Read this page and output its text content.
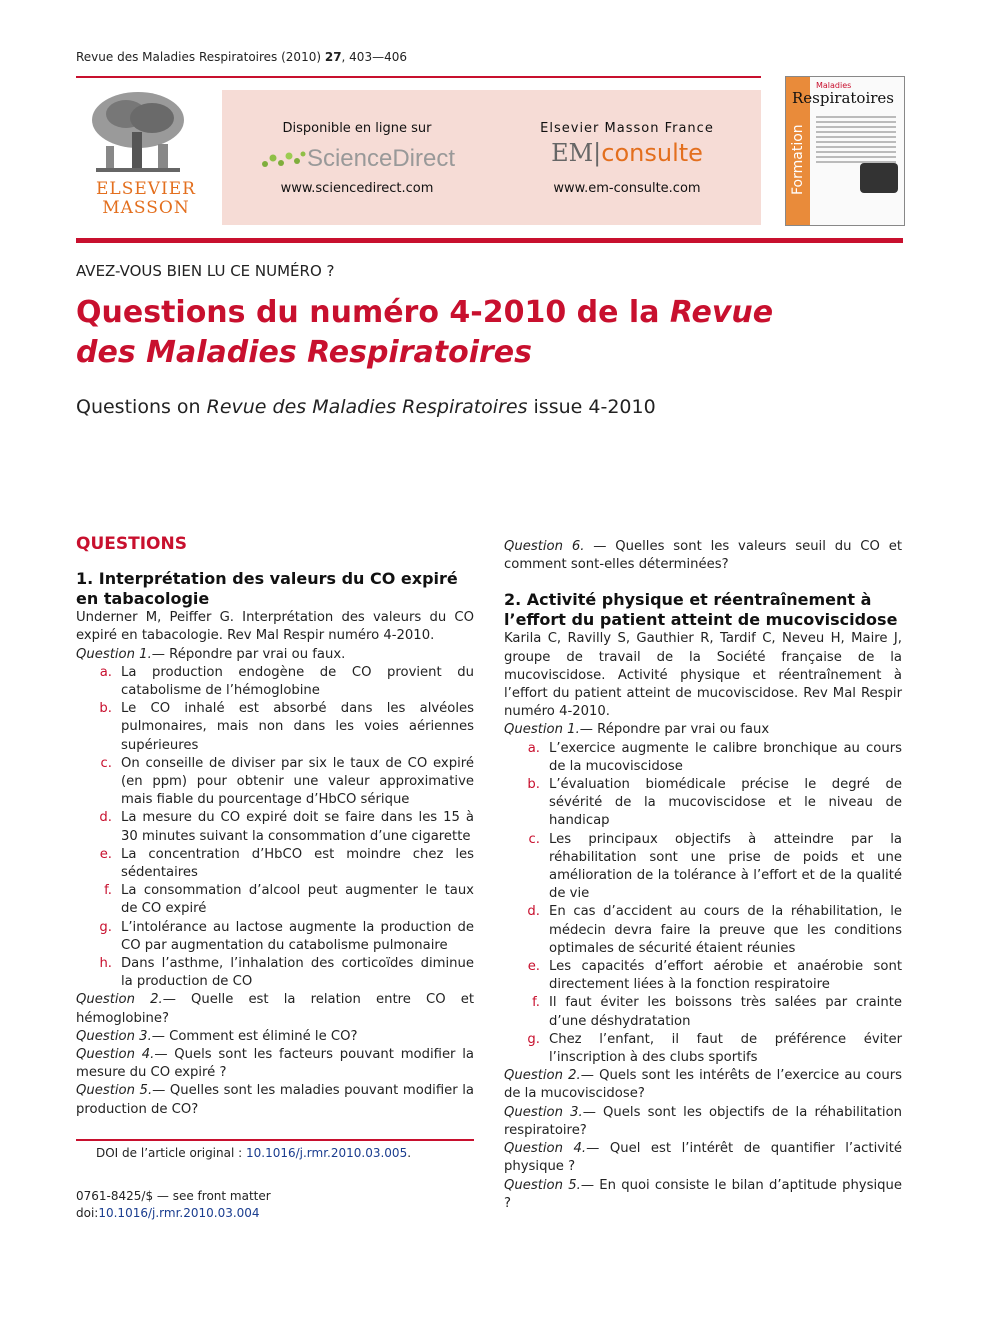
Revue des Maladies Respiratoires (2010) 27, 403—406
ELSEVIER
MASSON
Disponible en ligne sur
ScienceDirect
www.sciencedirect.com
Elsevier Masson France
EM|consulte
www.em-consulte.com	Formation
Maladies
Respiratoires
AVEZ-VOUS BIEN LU CE NUMÉRO ?
Questions du numéro 4-2010 de la Revue des Maladies Respiratoires
Questions on Revue des Maladies Respiratoires issue 4-2010
QUESTIONS
1. Interprétation des valeurs du CO expiré en tabacologie
Underner M, Peiffer G. Interprétation des valeurs du CO expiré en tabacologie. Rev Mal Respir numéro 4-2010.
Question 1.— Répondre par vrai ou faux.
a. La production endogène de CO provient du catabolisme de l’hémoglobine
b. Le CO inhalé est absorbé dans les alvéoles pulmonaires, mais non dans les voies aériennes supérieures
c. On conseille de diviser par six le taux de CO expiré (en ppm) pour obtenir une valeur approximative mais fiable du pourcentage d’HbCO sérique
d. La mesure du CO expiré doit se faire dans les 15 à 30 minutes suivant la consommation d’une cigarette
e. La concentration d’HbCO est moindre chez les sédentaires
f. La consommation d’alcool peut augmenter le taux de CO expiré
g. L’intolérance au lactose augmente la production de CO par augmentation du catabolisme pulmonaire
h. Dans l’asthme, l’inhalation des corticoïdes diminue la production de CO
Question 2.— Quelle est la relation entre CO et hémoglobine?
Question 3.— Comment est éliminé le CO?
Question 4.— Quels sont les facteurs pouvant modifier la mesure du CO expiré ?
Question 5.— Quelles sont les maladies pouvant modifier la production de CO?
Question 6. — Quelles sont les valeurs seuil du CO et comment sont-elles déterminées?
2. Activité physique et réentraînement à l’effort du patient atteint de mucoviscidose
Karila C, Ravilly S, Gauthier R, Tardif C, Neveu H, Maire J, groupe de travail de la Société française de la mucoviscidose. Activité physique et réentraînement à l’effort du patient atteint de mucoviscidose. Rev Mal Respir numéro 4-2010.
Question 1.— Répondre par vrai ou faux
a. L’exercice augmente le calibre bronchique au cours de la mucoviscidose
b. L’évaluation biomédicale précise le degré de sévérité de la mucoviscidose et le niveau de handicap
c. Les principaux objectifs à atteindre par la réhabilitation sont une prise de poids et une amélioration de la tolérance à l’effort et de la qualité de vie
d. En cas d’accident au cours de la réhabilitation, le médecin devra faire la preuve que les conditions optimales de sécurité étaient réunies
e. Les capacités d’effort aérobie et anaérobie sont directement liées à la fonction respiratoire
f. Il faut éviter les boissons très salées par crainte d’une déshydratation
g. Chez l’enfant, il faut de préférence éviter l’inscription à des clubs sportifs
Question 2.— Quels sont les intérêts de l’exercice au cours de la mucoviscidose?
Question 3.— Quels sont les objectifs de la réhabilitation respiratoire?
Question 4.— Quel est l’intérêt de quantifier l’activité physique ?
Question 5.— En quoi consiste le bilan d’aptitude physique ?
DOI de l’article original : 10.1016/j.rmr.2010.03.005.
0761-8425/$ — see front matter
doi:10.1016/j.rmr.2010.03.004
